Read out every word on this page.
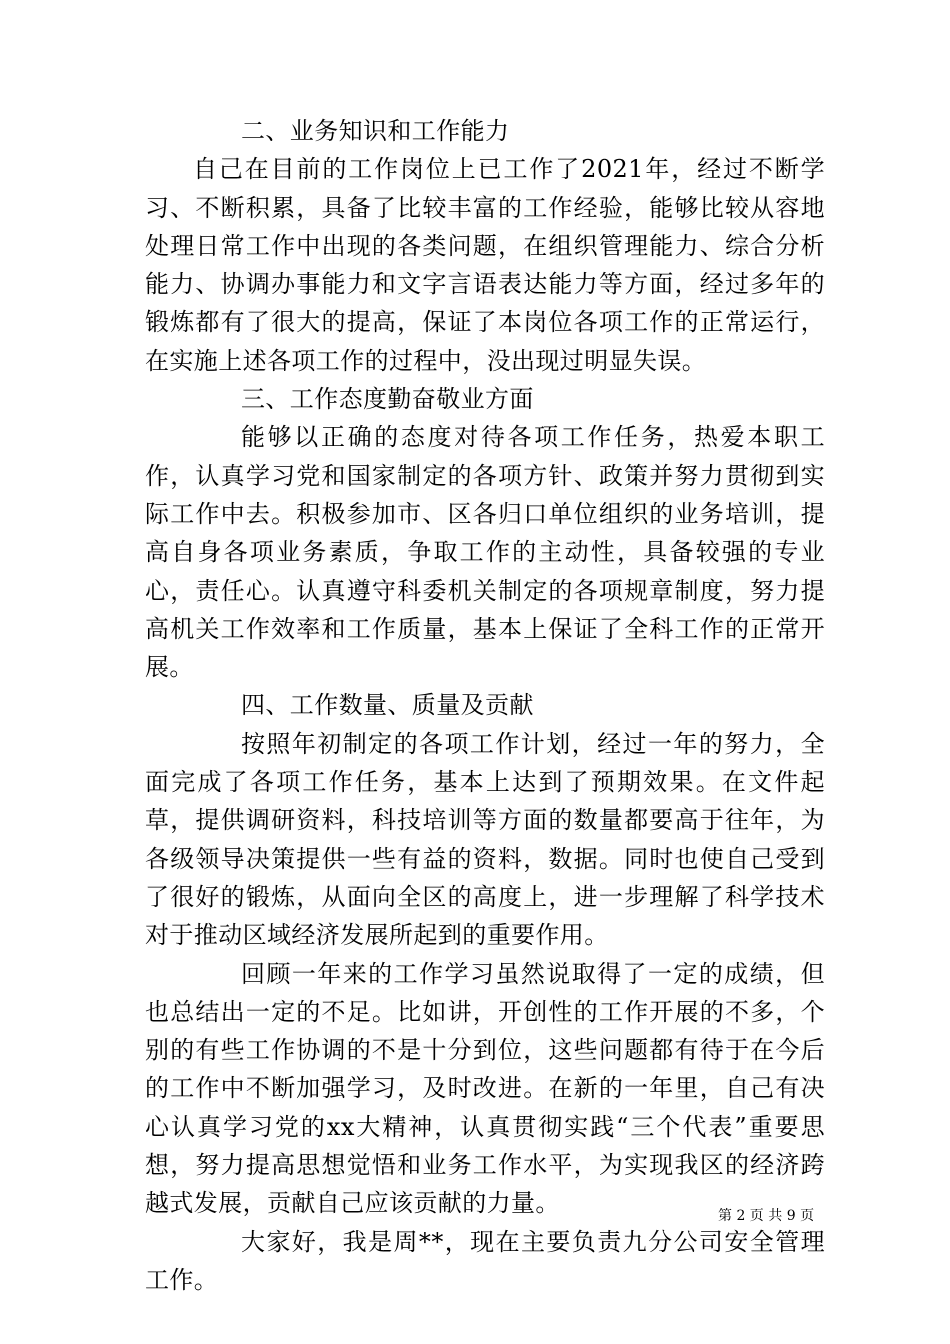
二、业务知识和工作能力

自己在目前的工作岗位上已工作了2021年，经过不断学习、不断积累，具备了比较丰富的工作经验，能够比较从容地处理日常工作中出现的各类问题，在组织管理能力、综合分析能力、协调办事能力和文字言语表达能力等方面，经过多年的锻炼都有了很大的提高，保证了本岗位各项工作的正常运行，在实施上述各项工作的过程中，没出现过明显失误。

三、工作态度勤奋敬业方面

能够以正确的态度对待各项工作任务，热爱本职工作，认真学习党和国家制定的各项方针、政策并努力贯彻到实际工作中去。积极参加市、区各归口单位组织的业务培训，提高自身各项业务素质，争取工作的主动性，具备较强的专业心，责任心。认真遵守科委机关制定的各项规章制度，努力提高机关工作效率和工作质量，基本上保证了全科工作的正常开展。

四、工作数量、质量及贡献

按照年初制定的各项工作计划，经过一年的努力，全面完成了各项工作任务，基本上达到了预期效果。在文件起草，提供调研资料，科技培训等方面的数量都要高于往年，为各级领导决策提供一些有益的资料，数据。同时也使自己受到了很好的锻炼，从面向全区的高度上，进一步理解了科学技术对于推动区域经济发展所起到的重要作用。

回顾一年来的工作学习虽然说取得了一定的成绩，但也总结出一定的不足。比如讲，开创性的工作开展的不多，个别的有些工作协调的不是十分到位，这些问题都有待于在今后的工作中不断加强学习，及时改进。在新的一年里，自己有决心认真学习党的xx大精神，认真贯彻实践“三个代表”重要思想，努力提高思想觉悟和业务工作水平，为实现我区的经济跨越式发展，贡献自己应该贡献的力量。

大家好，我是周**，现在主要负责九分公司安全管理工作。

第 2 页 共 9 页
